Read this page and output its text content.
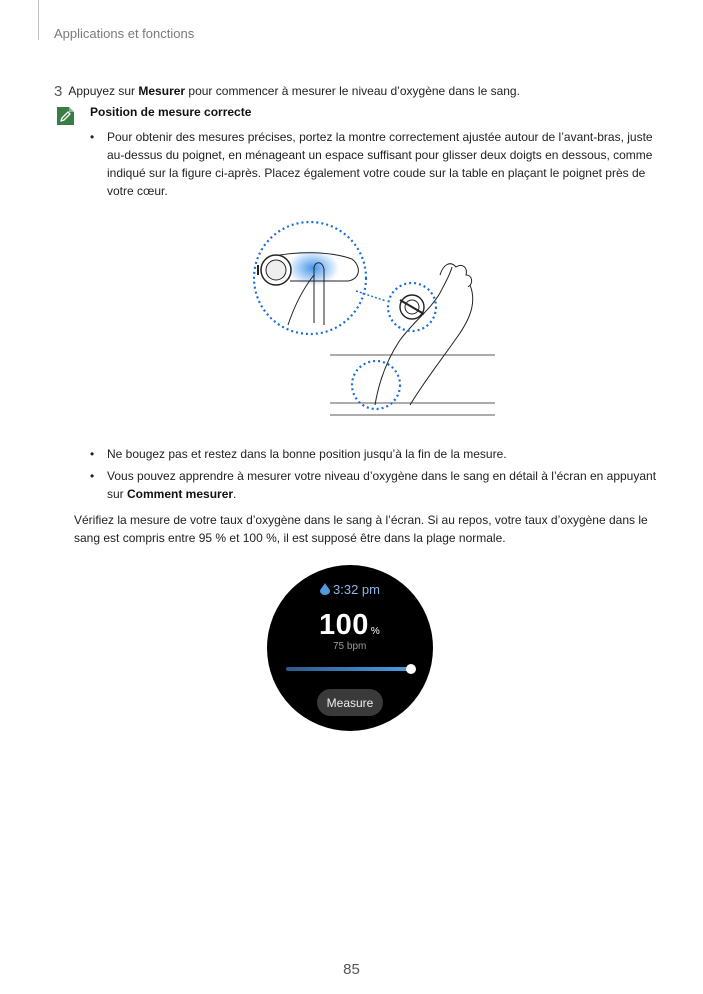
Applications et fonctions
3 Appuyez sur Mesurer pour commencer à mesurer le niveau d’oxygène dans le sang.
Position de mesure correcte
• Pour obtenir des mesures précises, portez la montre correctement ajustée autour de l’avant-bras, juste au-dessus du poignet, en ménageant un espace suffisant pour glisser deux doigts en dessous, comme indiqué sur la figure ci-après. Placez également votre coude sur la table en plaçant le poignet près de votre cœur.
• Ne bougez pas et restez dans la bonne position jusqu’à la fin de la mesure.
• Vous pouvez apprendre à mesurer votre niveau d’oxygène dans le sang en détail à l’écran en appuyant sur Comment mesurer.

Vérifiez la mesure de votre taux d’oxygène dans le sang à l’écran. Si au repos, votre taux d’oxygène dans le sang est compris entre 95 % et 100 %, il est supposé être dans la plage normale.

3:32 pm
100 %
75 bpm
Measure
85
